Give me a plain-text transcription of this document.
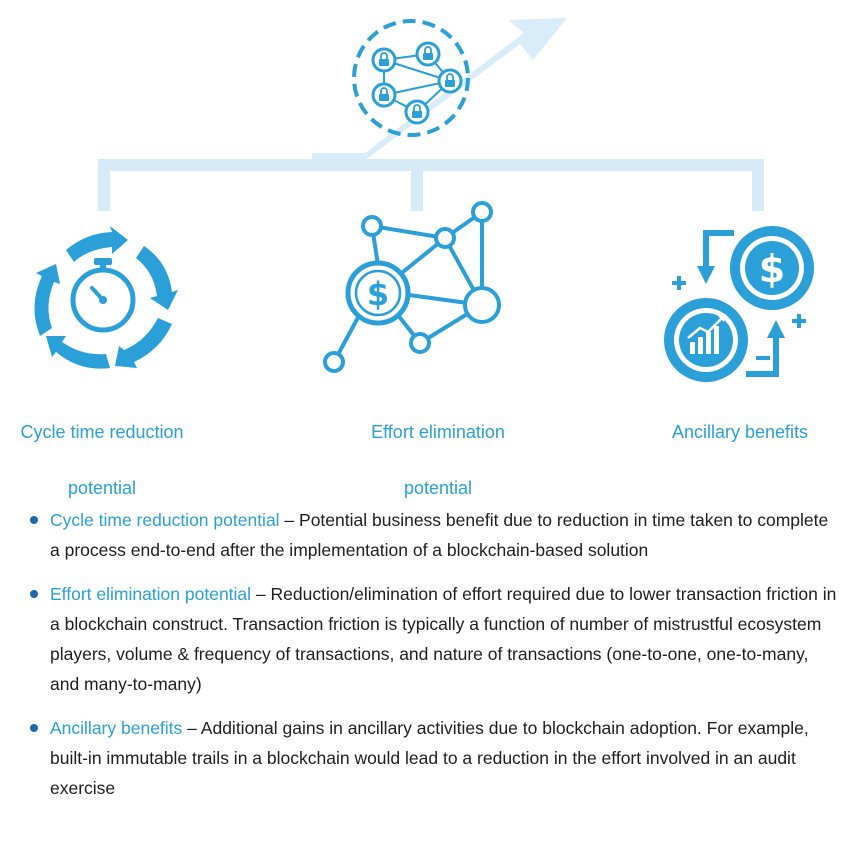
$
$

Cycle time reduction

potential

Effort elimination

potential

Ancillary benefits

Cycle time reduction potential – Potential business benefit due to reduction in time taken to complete a process end-to-end after the implementation of a blockchain-based solution
Effort elimination potential – Reduction/elimination of effort required due to lower transaction friction in a blockchain construct. Transaction friction is typically a function of number of mistrustful ecosystem players, volume & frequency of transactions, and nature of transactions (one-to-one, one-to-many, and many-to-many)
Ancillary benefits – Additional gains in ancillary activities due to blockchain adoption. For example, built-in immutable trails in a blockchain would lead to a reduction in the effort involved in an audit exercise
